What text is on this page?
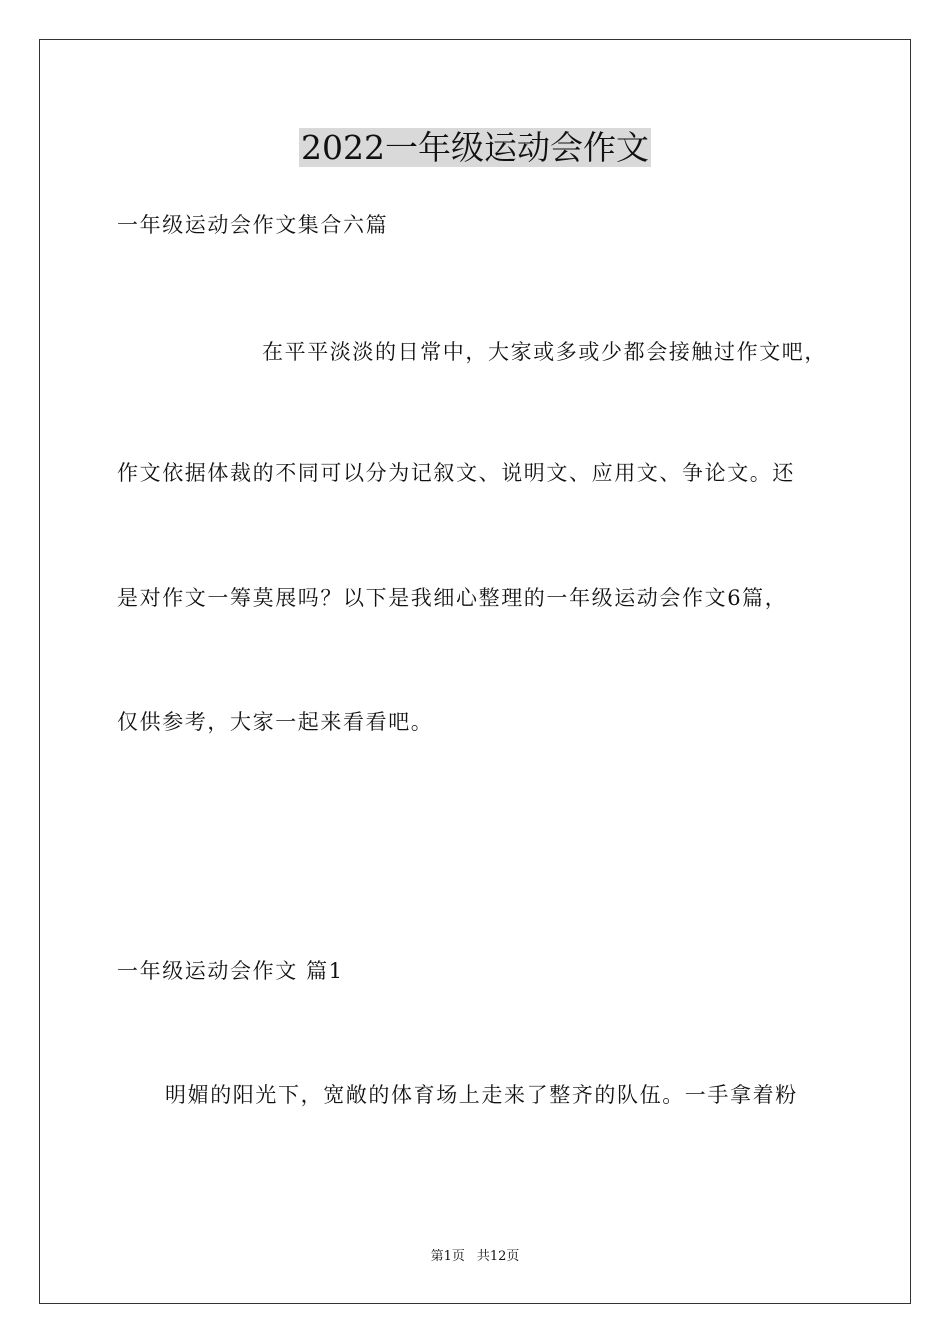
2022一年级运动会作文
一年级运动会作文集合六篇
在平平淡淡的日常中，大家或多或少都会接触过作文吧，
作文依据体裁的不同可以分为记叙文、说明文、应用文、争论文。还
是对作文一筹莫展吗？以下是我细心整理的一年级运动会作文6篇，
仅供参考，大家一起来看看吧。
一年级运动会作文 篇1
明媚的阳光下，宽敞的体育场上走来了整齐的队伍。一手拿着粉
第1页 共12页
